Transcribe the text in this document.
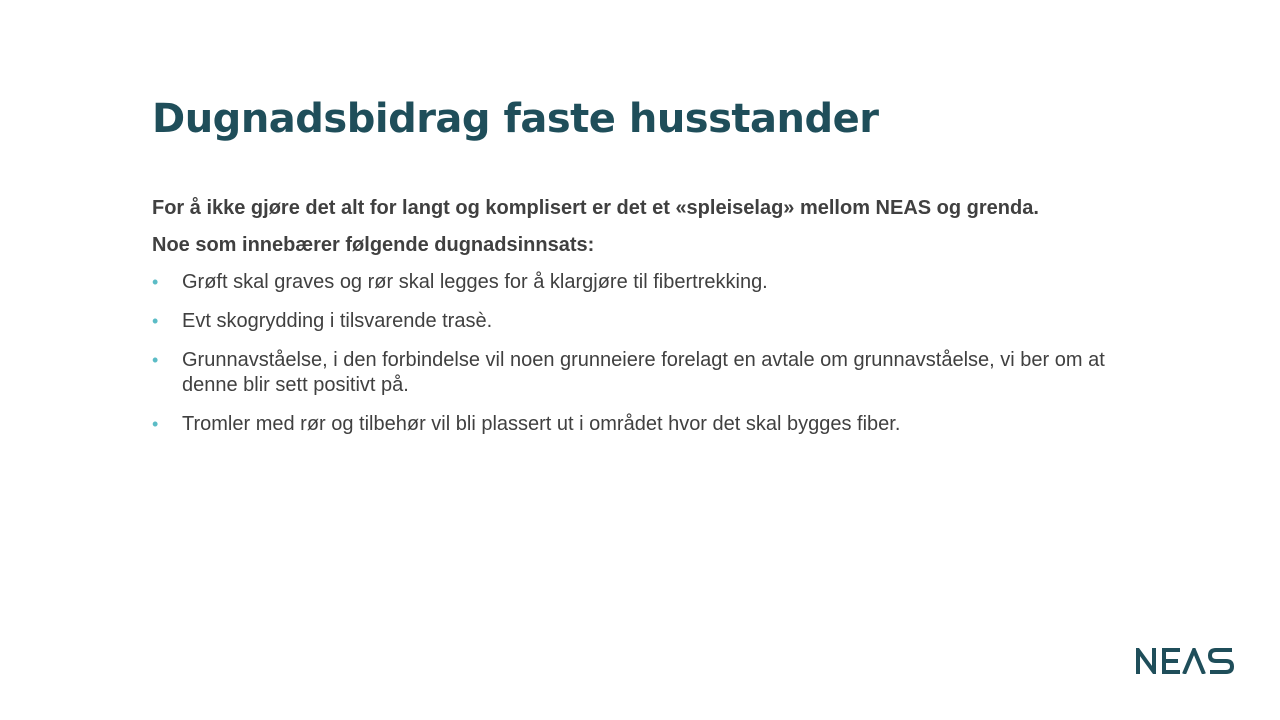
Dugnadsbidrag faste husstander

For å ikke gjøre det alt for langt og komplisert er det et «spleiselag» mellom NEAS og grenda.

Noe som innebærer følgende dugnadsinnsats:

• Grøft skal graves og rør skal legges for å klargjøre til fibertrekking.
• Evt skogrydding i tilsvarende trasè.
• Grunnavståelse, i den forbindelse vil noen grunneiere forelagt en avtale om grunnavståelse, vi ber om at denne blir sett positivt på.
• Tromler med rør og tilbehør vil bli plassert ut i området hvor det skal bygges fiber.
